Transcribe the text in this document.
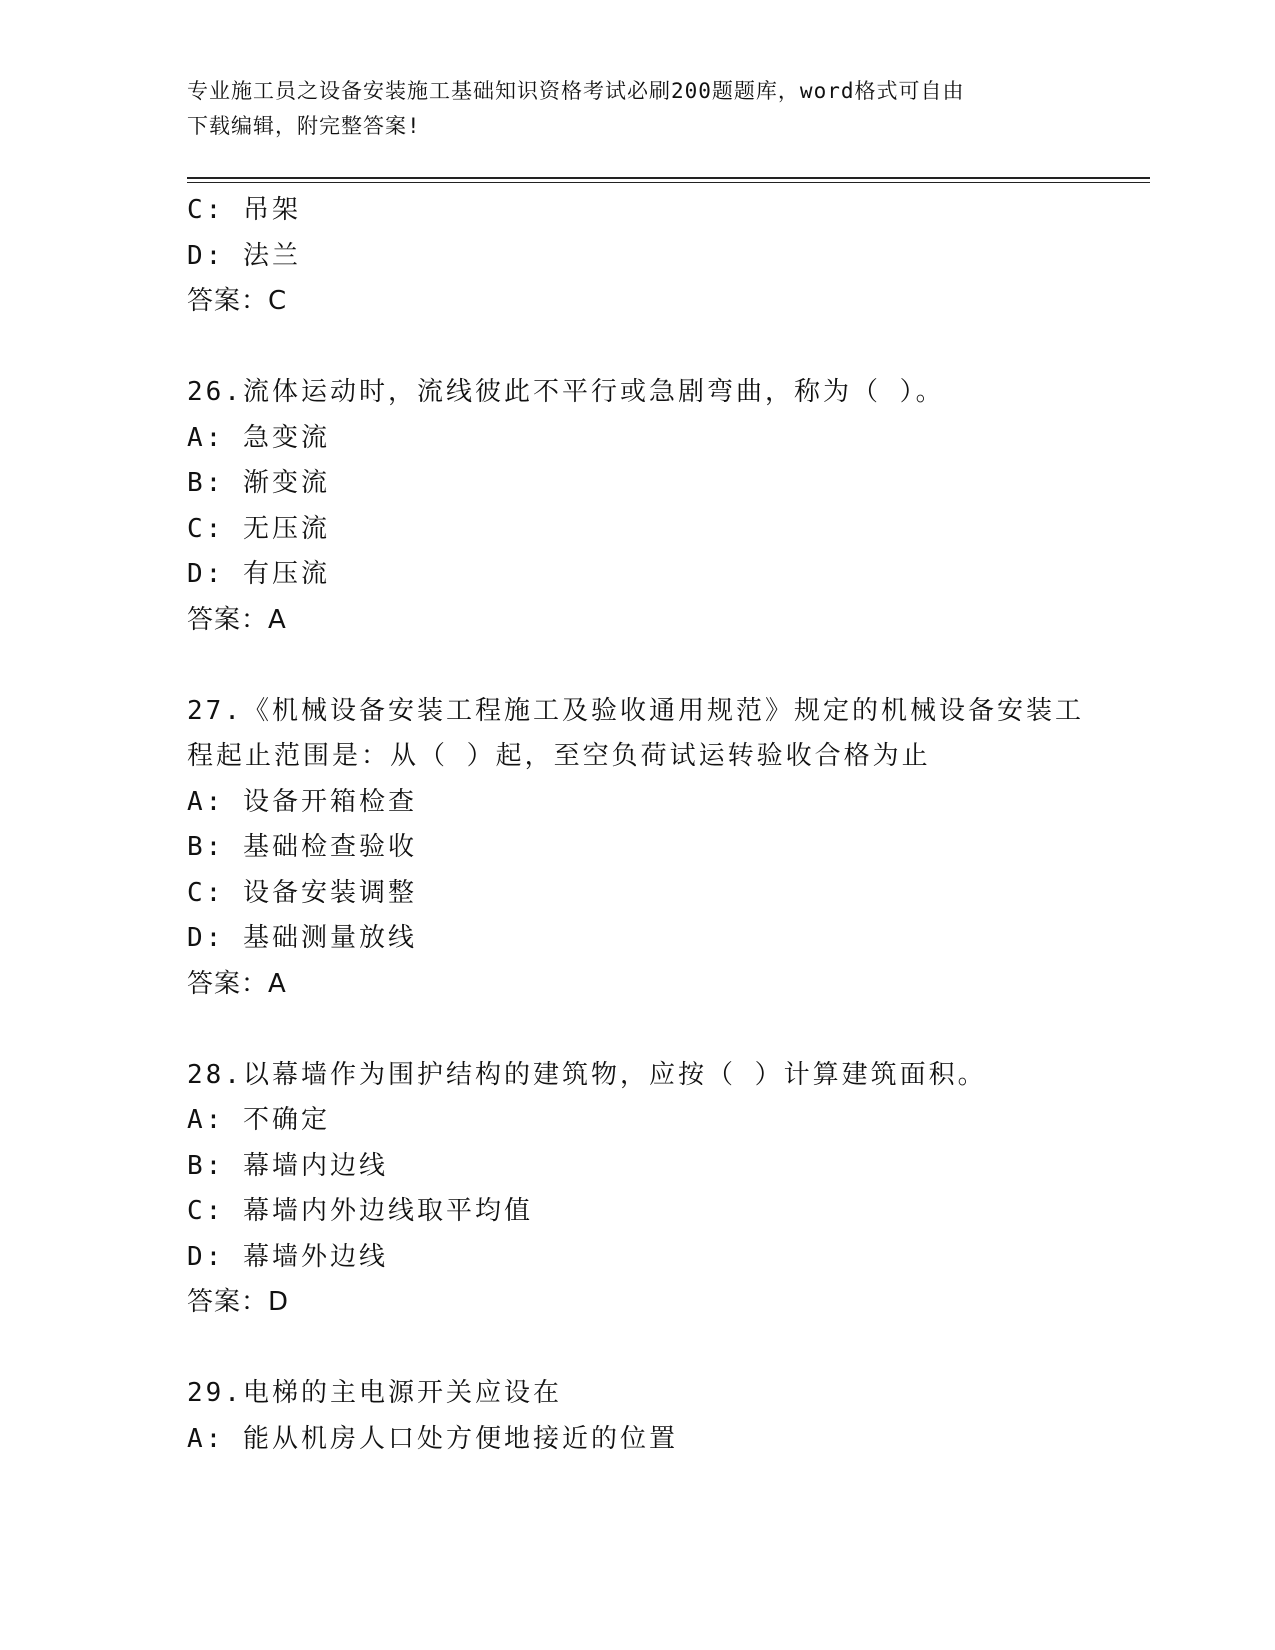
专业施工员之设备安装施工基础知识资格考试必刷200题题库，word格式可自由
下载编辑，附完整答案!
C: 吊架
D: 法兰
答案：C
26.流体运动时，流线彼此不平行或急剧弯曲，称为（ ）。
A: 急变流
B: 渐变流
C: 无压流
D: 有压流
答案：A
27.《机械设备安装工程施工及验收通用规范》规定的机械设备安装工
程起止范围是：从（ ）起，至空负荷试运转验收合格为止
A: 设备开箱检查
B: 基础检查验收
C: 设备安装调整
D: 基础测量放线
答案：A
28.以幕墙作为围护结构的建筑物，应按（ ）计算建筑面积。
A: 不确定
B: 幕墙内边线
C: 幕墙内外边线取平均值
D: 幕墙外边线
答案：D
29.电梯的主电源开关应设在
A: 能从机房人口处方便地接近的位置
